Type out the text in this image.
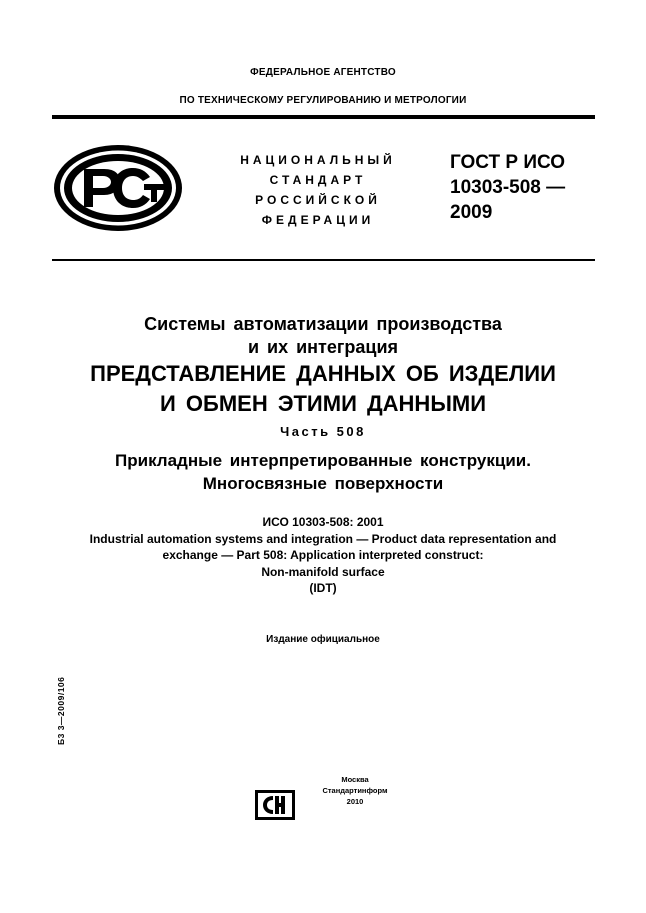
ФЕДЕРАЛЬНОЕ АГЕНТСТВО
ПО ТЕХНИЧЕСКОМУ РЕГУЛИРОВАНИЮ И МЕТРОЛОГИИ
НАЦИОНАЛЬНЫЙ
СТАНДАРТ
РОССИЙСКОЙ
ФЕДЕРАЦИИ
ГОСТ Р ИСО
10303-508 —
2009
Системы автоматизации производства
и их интеграция
ПРЕДСТАВЛЕНИЕ ДАННЫХ ОБ ИЗДЕЛИИ
И ОБМЕН ЭТИМИ ДАННЫМИ
Часть 508
Прикладные интерпретированные конструкции.
Многосвязные поверхности
ИСО 10303-508: 2001
Industrial automation systems and integration — Product data representation and
exchange — Part 508: Application interpreted construct:
Non-manifold surface
(IDT)
Издание официальное
Б3 3—2009/106
Москва
Стандартинформ
2010
